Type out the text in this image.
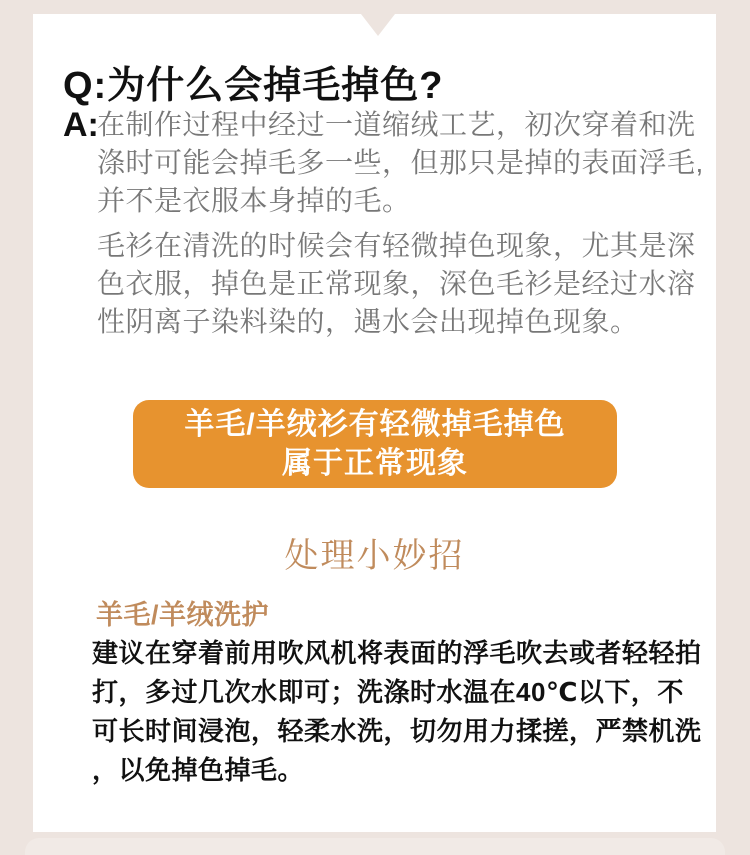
Q: 为什么会掉毛掉色?
A:
在制作过程中经过一道缩绒工艺，初次穿着和洗
涤时可能会掉毛多一些，但那只是掉的表面浮毛,
并不是衣服本身掉的毛。
毛衫在清洗的时候会有轻微掉色现象，尤其是深
色衣服，掉色是正常现象，深色毛衫是经过水溶
性阴离子染料染的，遇水会出现掉色现象。
羊毛/羊绒衫有轻微掉毛掉色
属于正常现象
处理小妙招
羊毛/羊绒洗护
建议在穿着前用吹风机将表面的浮毛吹去或者轻轻拍
打，多过几次水即可；洗涤时水温在40℃以下，不
可长时间浸泡，轻柔水洗，切勿用力揉搓，严禁机洗
，以免掉色掉毛。
